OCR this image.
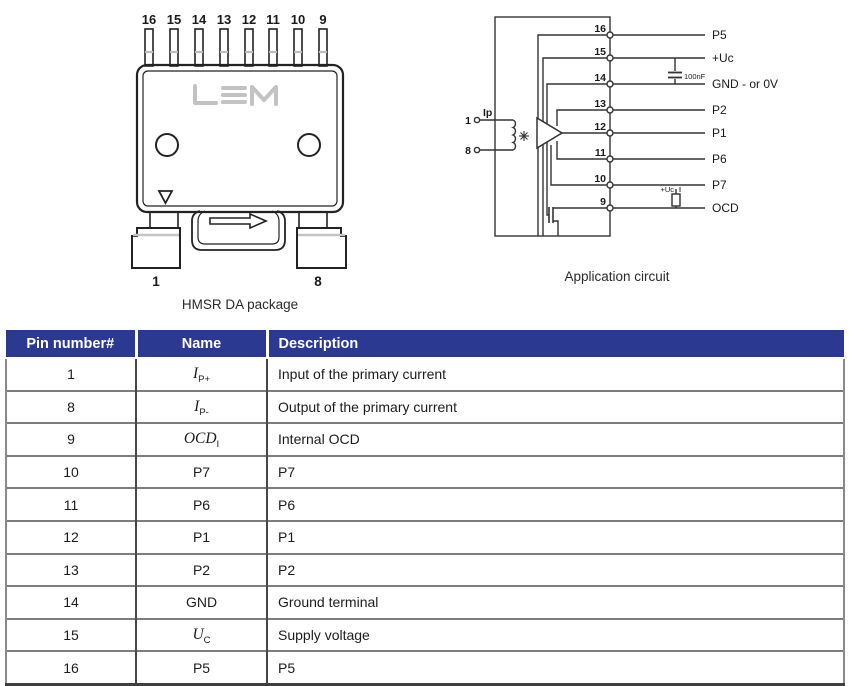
16 15 14 13 12 11 10 9
1	8
HMSR DA package
16
15
14
13
12
11
10
9
P5
+Uc
GND - or 0V
P2
P1
P6
P7
OCD
100nF
+Uc
1
8
Ip
Application circuit
Pin number#	Name	Description
1	$I_{P+}$	Input of the primary current
8	$I_{P-}$	Output of the primary current
9	$OCD_I$	Internal OCD
10	P7	P7
11	P6	P6
12	P1	P1
13	P2	P2
14	GND	Ground terminal
15	$U_C$	Supply voltage
16	P5	P5
